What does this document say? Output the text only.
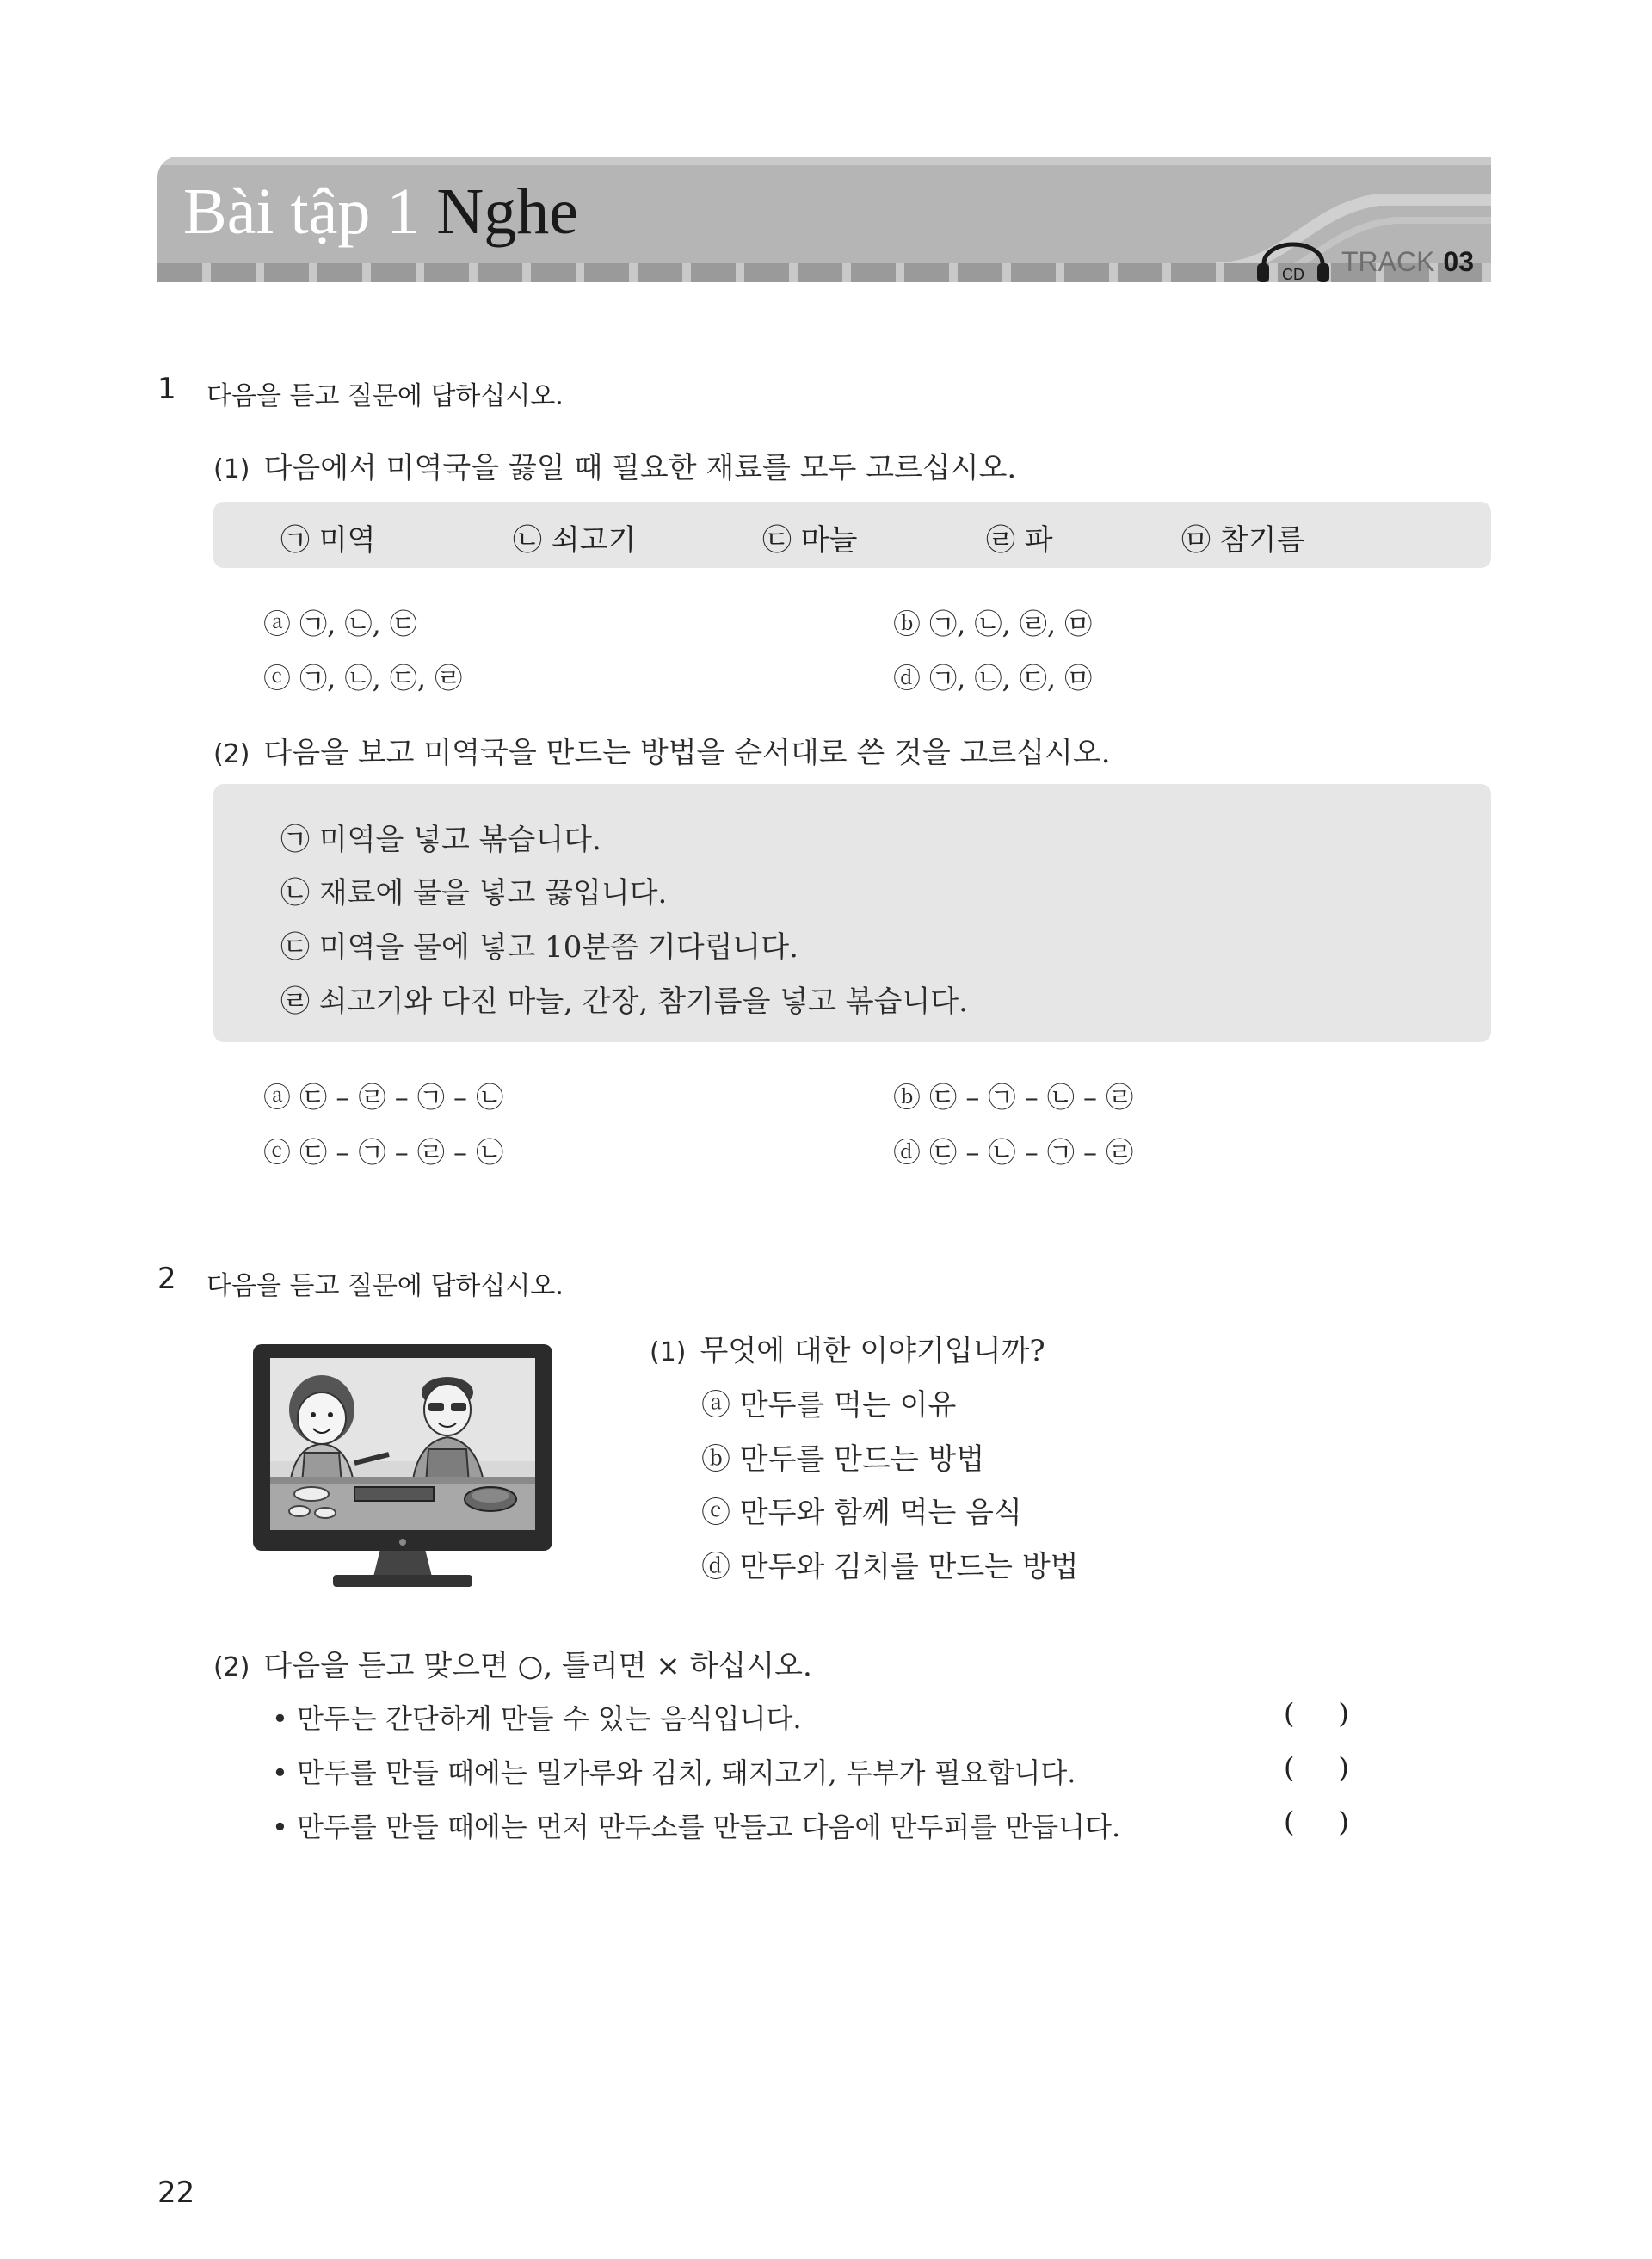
Bài tập 1 Nghe
CD TRACK 03
1 다음을 듣고 질문에 답하십시오.
(1) 다음에서 미역국을 끓일 때 필요한 재료를 모두 고르십시오.
㉠ 미역	㉡ 쇠고기	㉢ 마늘	㉣ 파	㉤ 참기름
ⓐ ㉠, ㉡, ㉢	ⓑ ㉠, ㉡, ㉣, ㉤
ⓒ ㉠, ㉡, ㉢, ㉣	ⓓ ㉠, ㉡, ㉢, ㉤
(2) 다음을 보고 미역국을 만드는 방법을 순서대로 쓴 것을 고르십시오.
㉠ 미역을 넣고 볶습니다.
㉡ 재료에 물을 넣고 끓입니다.
㉢ 미역을 물에 넣고 10분쯤 기다립니다.
㉣ 쇠고기와 다진 마늘, 간장, 참기름을 넣고 볶습니다.
ⓐ ㉢ – ㉣ – ㉠ – ㉡	ⓑ ㉢ – ㉠ – ㉡ – ㉣
ⓒ ㉢ – ㉠ – ㉣ – ㉡	ⓓ ㉢ – ㉡ – ㉠ – ㉣
2 다음을 듣고 질문에 답하십시오.
(1) 무엇에 대한 이야기입니까?
ⓐ 만두를 먹는 이유
ⓑ 만두를 만드는 방법
ⓒ 만두와 함께 먹는 음식
ⓓ 만두와 김치를 만드는 방법
(2) 다음을 듣고 맞으면 ○, 틀리면 × 하십시오.
• 만두는 간단하게 만들 수 있는 음식입니다.	(     )
• 만두를 만들 때에는 밀가루와 김치, 돼지고기, 두부가 필요합니다.	(     )
• 만두를 만들 때에는 먼저 만두소를 만들고 다음에 만두피를 만듭니다.	(     )
22
